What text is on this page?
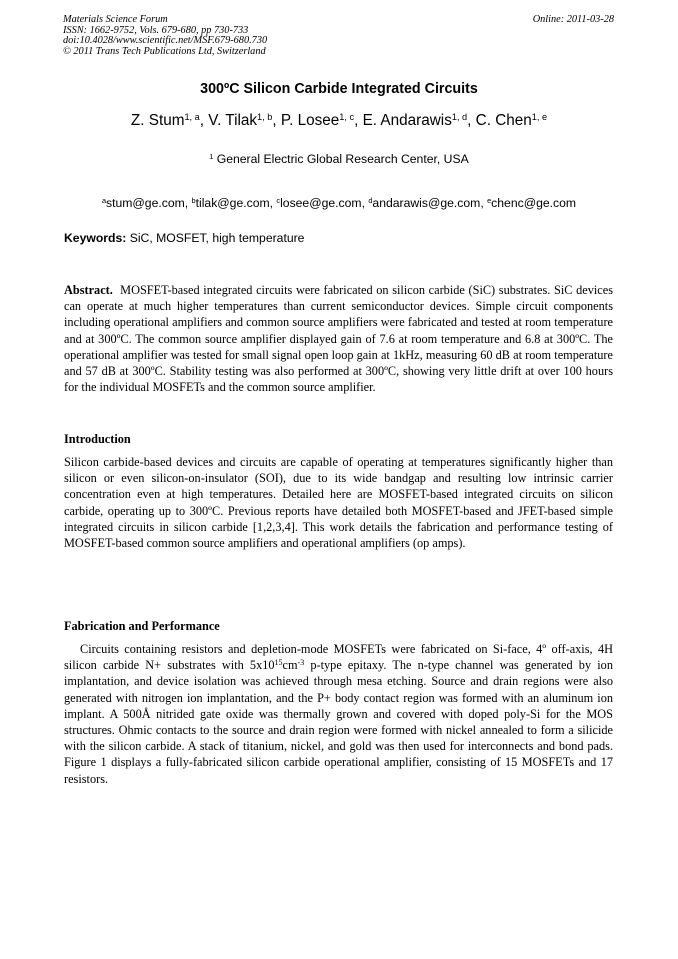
Materials Science Forum
ISSN: 1662-9752, Vols. 679-680, pp 730-733
doi:10.4028/www.scientific.net/MSF.679-680.730
© 2011 Trans Tech Publications Ltd, Switzerland
Online: 2011-03-28
300ºC Silicon Carbide Integrated Circuits
Z. Stum$^{1, a}$, V. Tilak$^{1, b}$, P. Losee$^{1, c}$, E. Andarawis$^{1, d}$, C. Chen$^{1, e}$
$^1$ General Electric Global Research Center, USA
$^a$stum@ge.com, $^b$tilak@ge.com, $^c$losee@ge.com, $^d$andarawis@ge.com, $^e$chenc@ge.com
Keywords: SiC, MOSFET, high temperature

Abstract. MOSFET-based integrated circuits were fabricated on silicon carbide (SiC) substrates. SiC devices can operate at much higher temperatures than current semiconductor devices. Simple circuit components including operational amplifiers and common source amplifiers were fabricated and tested at room temperature and at 300ºC. The common source amplifier displayed gain of 7.6 at room temperature and 6.8 at 300ºC. The operational amplifier was tested for small signal open loop gain at 1kHz, measuring 60 dB at room temperature and 57 dB at 300ºC. Stability testing was also performed at 300ºC, showing very little drift at over 100 hours for the individual MOSFETs and the common source amplifier.

Introduction

Silicon carbide-based devices and circuits are capable of operating at temperatures significantly higher than silicon or even silicon-on-insulator (SOI), due to its wide bandgap and resulting low intrinsic carrier concentration even at high temperatures. Detailed here are MOSFET-based integrated circuits on silicon carbide, operating up to 300ºC. Previous reports have detailed both MOSFET-based and JFET-based simple integrated circuits in silicon carbide [1,2,3,4]. This work details the fabrication and performance testing of MOSFET-based common source amplifiers and operational amplifiers (op amps).

Fabrication and Performance

Circuits containing resistors and depletion-mode MOSFETs were fabricated on Si-face, 4º off-axis, 4H silicon carbide N+ substrates with $5x10^{15}cm^{-3}$ p-type epitaxy. The n-type channel was generated by ion implantation, and device isolation was achieved through mesa etching. Source and drain regions were also generated with nitrogen ion implantation, and the P+ body contact region was formed with an aluminum ion implant. A 500Å nitrided gate oxide was thermally grown and covered with doped poly-Si for the MOS structures. Ohmic contacts to the source and drain region were formed with nickel annealed to form a silicide with the silicon carbide. A stack of titanium, nickel, and gold was then used for interconnects and bond pads. Figure 1 displays a fully-fabricated silicon carbide operational amplifier, consisting of 15 MOSFETs and 17 resistors.
